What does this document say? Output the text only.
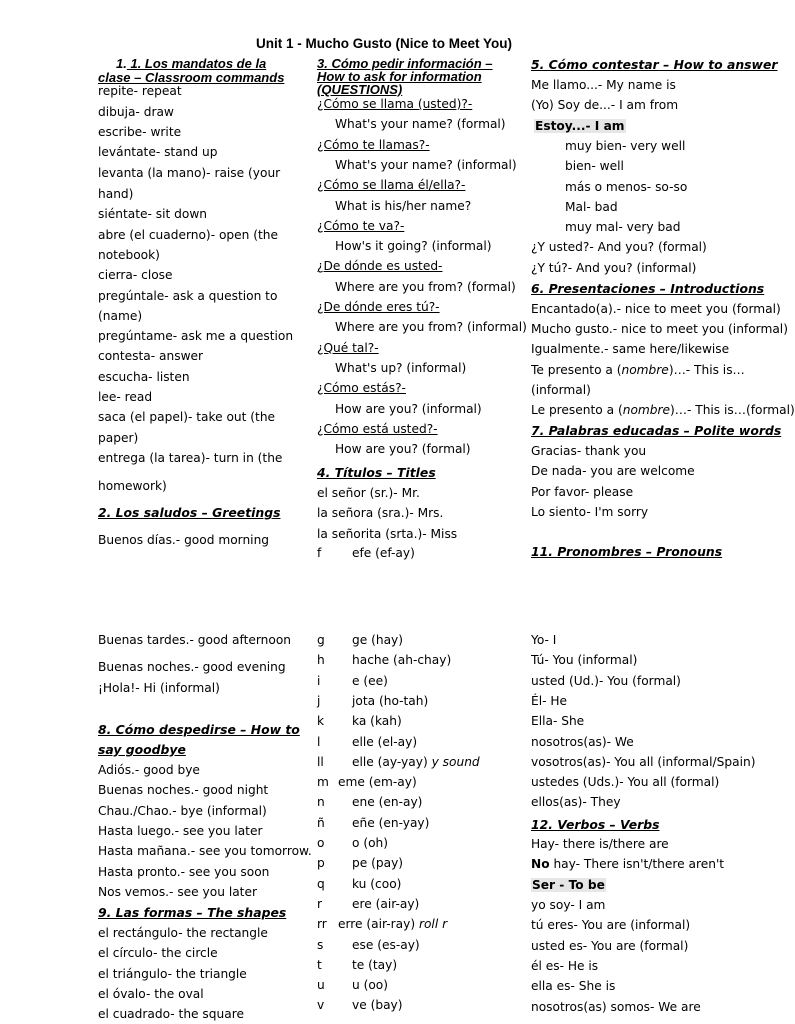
Unit 1 - Mucho Gusto (Nice to Meet You)
1. 1. Los mandatos de la
clase – Classroom commands
repite- repeat
dibuja- draw
escribe- write
levántate- stand up
levanta (la mano)- raise (your
hand)
siéntate- sit down
abre (el cuaderno)- open (the
notebook)
cierra- close
pregúntale- ask a question to
(name)
pregúntame- ask me a question
contesta- answer
escucha- listen
lee- read
saca (el papel)- take out (the
paper)
entrega (la tarea)- turn in (the
homework)
2. Los saludos – Greetings
Buenos días.- good morning
Buenas tardes.- good afternoon
Buenas noches.- good evening
¡Hola!- Hi (informal)
8. Cómo despedirse – How to
say goodbye
Adiós.- good bye
Buenas noches.- good night
Chau./Chao.- bye (informal)
Hasta luego.- see you later
Hasta mañana.- see you tomorrow.
Hasta pronto.- see you soon
Nos vemos.- see you later
9. Las formas – The shapes
el rectángulo- the rectangle
el círculo- the circle
el triángulo- the triangle
el óvalo- the oval
el cuadrado- the square
3. Cómo pedir información –
How to ask for information
(QUESTIONS)
¿Cómo se llama (usted)?-
What's your name? (formal)
¿Cómo te llamas?-
What's your name? (informal)
¿Cómo se llama él/ella?-
What is his/her name?
¿Cómo te va?-
How's it going? (informal)
¿De dónde es usted-
Where are you from? (formal)
¿De dónde eres tú?-
Where are you from? (informal)
¿Qué tal?-
What's up? (informal)
¿Cómo estás?-
How are you? (informal)
¿Cómo está usted?-
How are you? (formal)
4. Títulos – Titles
el señor (sr.)- Mr.
la señora (sra.)- Mrs.
la señorita (srta.)- Miss
f	efe (ef-ay)
g ge (hay)
h hache (ah-chay)
i	e (ee)
j	jota (ho-tah)
k ka (kah)
l	elle (el-ay)
ll elle (ay-yay) y sound
m eme (em-ay)
n ene (en-ay)
ñ eñe (en-yay)
o o (oh)
p pe (pay)
q ku (coo)
r ere (air-ay)
rr erre (air-ray) roll r
s ese (es-ay)
t te (tay)
u u (oo)
v ve (bay)
5. Cómo contestar – How to answer
Me llamo...- My name is
(Yo) Soy de...- I am from
Estoy...- I am
muy bien- very well
bien- well
más o menos- so-so
Mal- bad
muy mal- very bad
¿Y usted?- And you? (formal)
¿Y tú?- And you? (informal)
6. Presentaciones – Introductions
Encantado(a).- nice to meet you (formal)
Mucho gusto.- nice to meet you (informal)
Igualmente.- same here/likewise
Te presento a (nombre)…- This is…
(informal)
Le presento a (nombre)…- This is…(formal)
7. Palabras educadas – Polite words
Gracias- thank you
De nada- you are welcome
Por favor- please
Lo siento- I'm sorry
11. Pronombres – Pronouns
Yo- I
Tú- You (informal)
usted (Ud.)- You (formal)
Él- He
Ella- She
nosotros(as)- We
vosotros(as)- You all (informal/Spain)
ustedes (Uds.)- You all (formal)
ellos(as)- They
12. Verbos – Verbs
Hay- there is/there are
No hay- There isn't/there aren't
Ser - To be
yo soy- I am
tú eres- You are (informal)
usted es- You are (formal)
él es- He is
ella es- She is
nosotros(as) somos- We are
